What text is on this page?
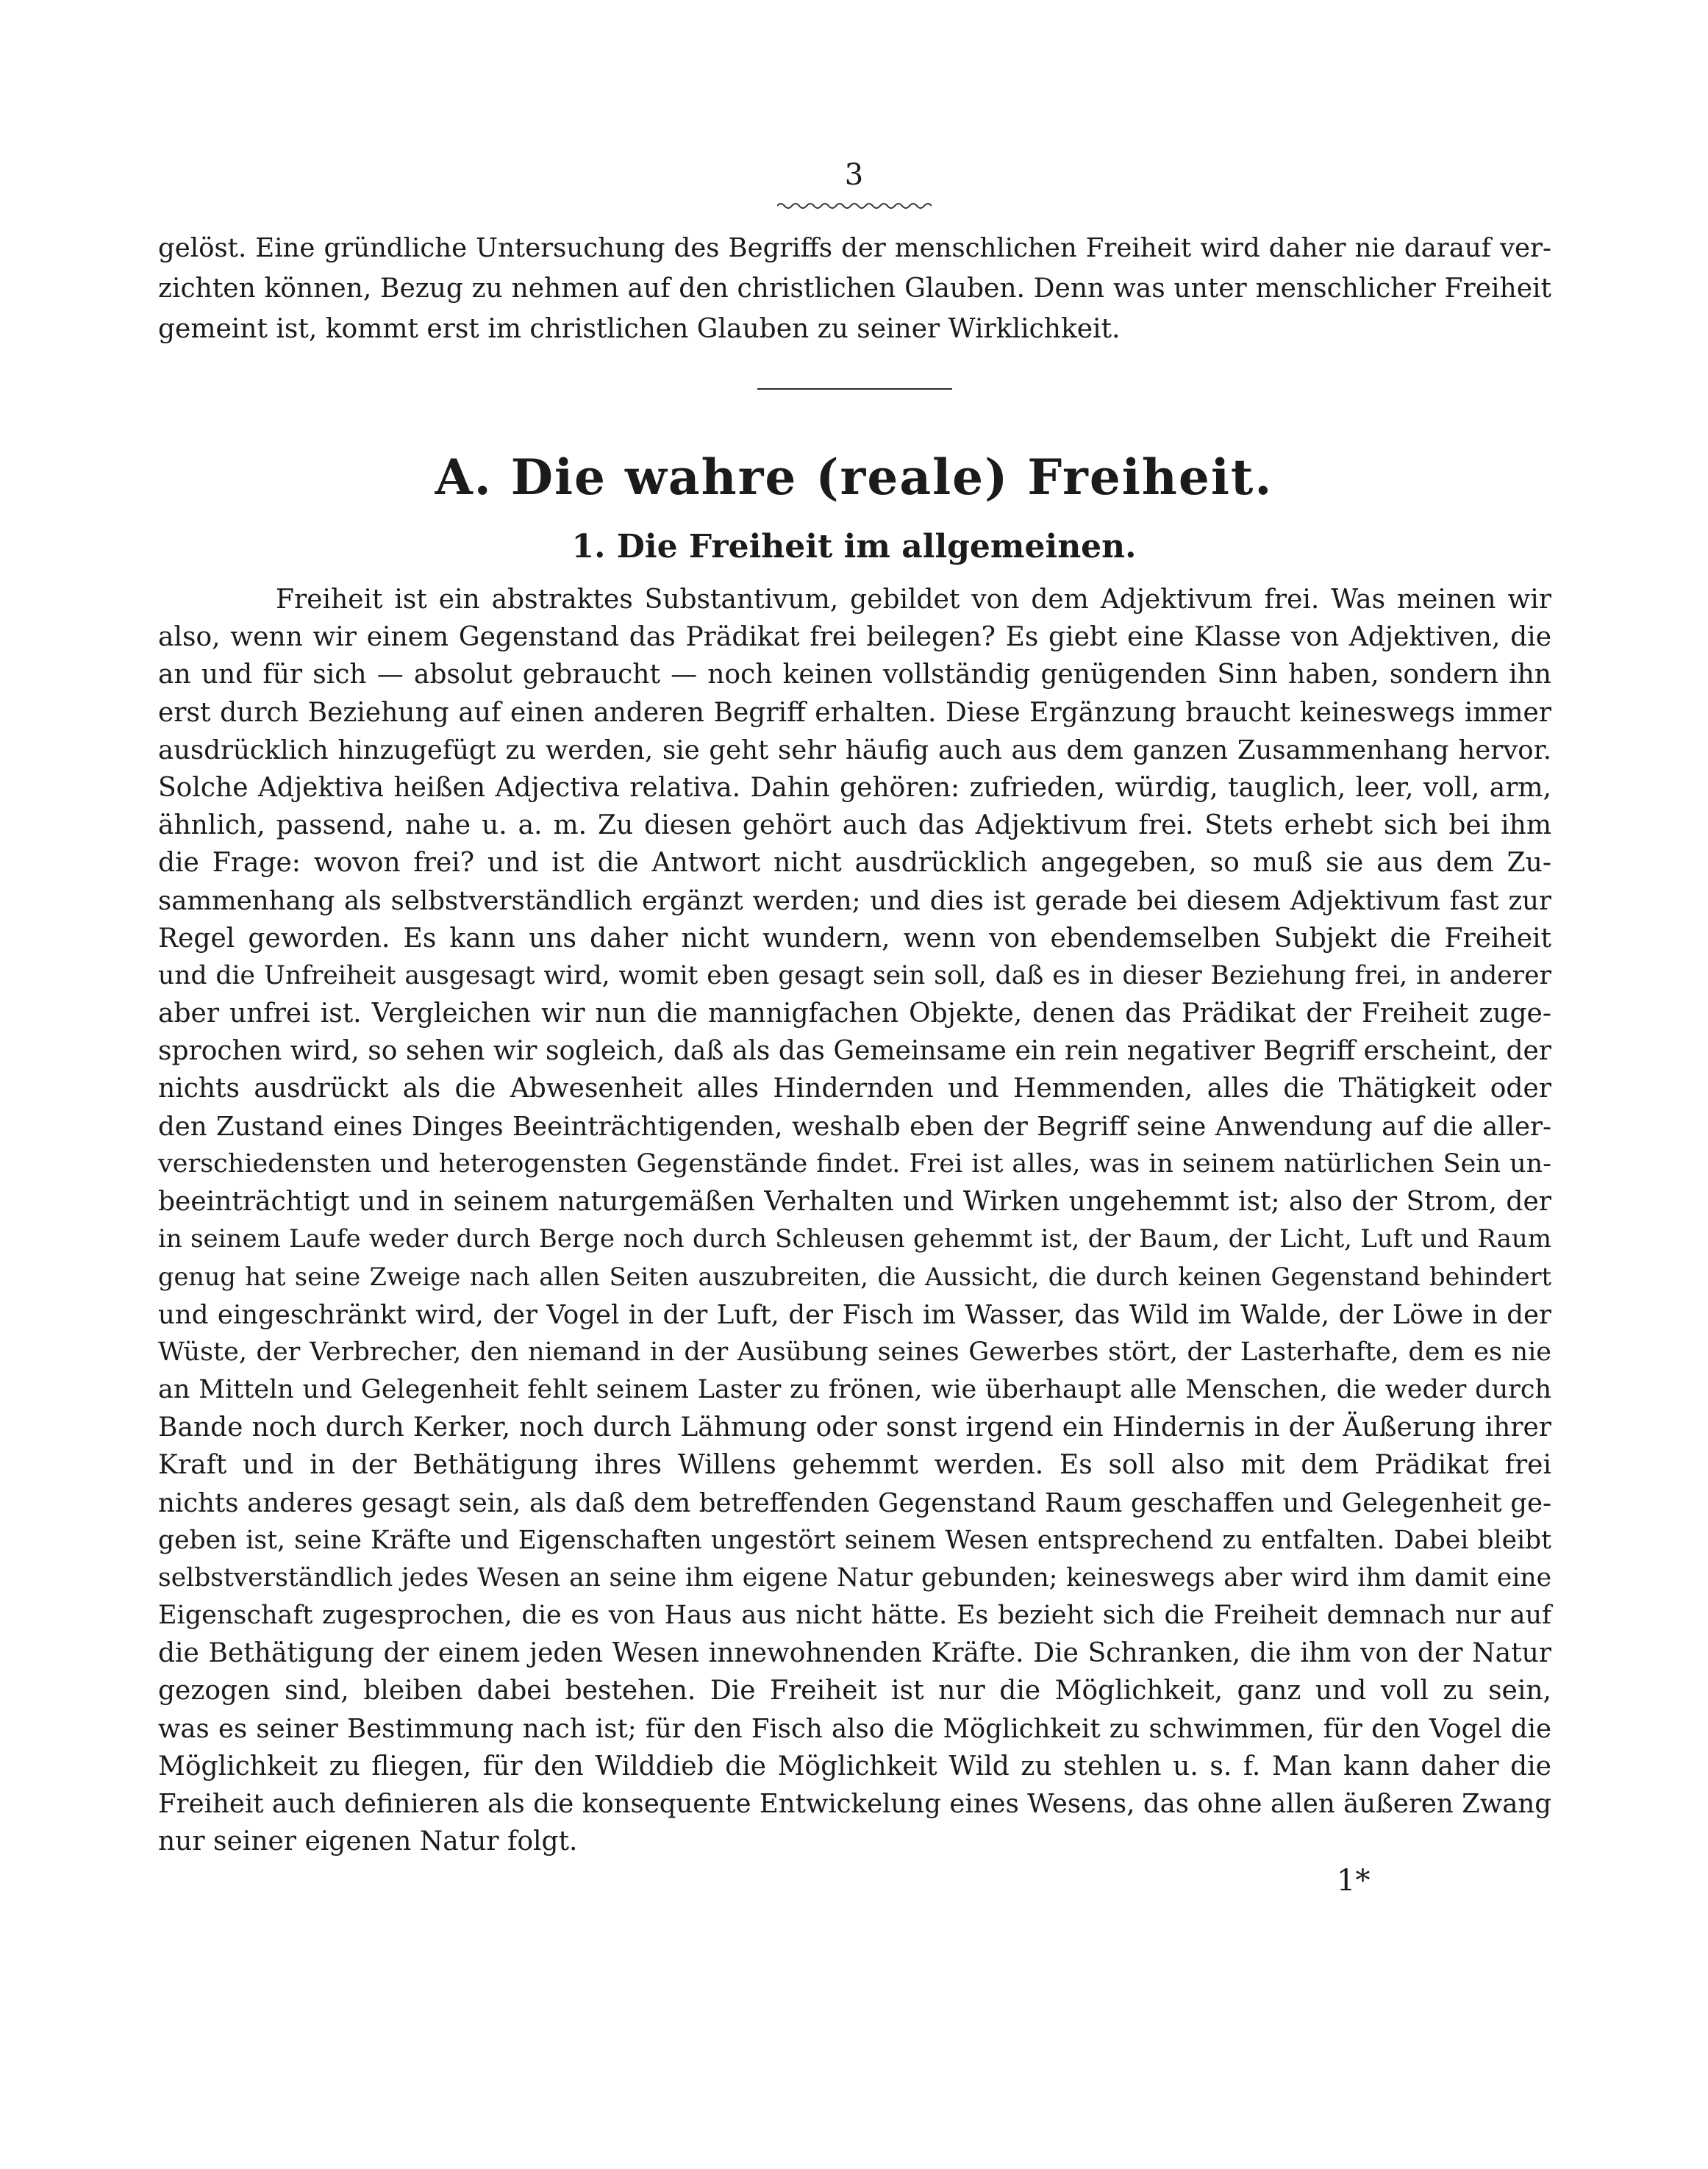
3
gelöst. Eine gründliche Untersuchung des Begriffs der menschlichen Freiheit wird daher nie darauf ver-
zichten können, Bezug zu nehmen auf den christlichen Glauben. Denn was unter menschlicher Freiheit
gemeint ist, kommt erst im christlichen Glauben zu seiner Wirklichkeit.
A. Die wahre (reale) Freiheit.
1. Die Freiheit im allgemeinen.
Freiheit ist ein abstraktes Substantivum, gebildet von dem Adjektivum frei. Was meinen wir
also, wenn wir einem Gegenstand das Prädikat frei beilegen? Es giebt eine Klasse von Adjektiven, die
an und für sich — absolut gebraucht — noch keinen vollständig genügenden Sinn haben, sondern ihn
erst durch Beziehung auf einen anderen Begriff erhalten. Diese Ergänzung braucht keineswegs immer
ausdrücklich hinzugefügt zu werden, sie geht sehr häufig auch aus dem ganzen Zusammenhang hervor.
Solche Adjektiva heißen Adjectiva relativa. Dahin gehören: zufrieden, würdig, tauglich, leer, voll, arm,
ähnlich, passend, nahe u. a. m. Zu diesen gehört auch das Adjektivum frei. Stets erhebt sich bei ihm
die Frage: wovon frei? und ist die Antwort nicht ausdrücklich angegeben, so muß sie aus dem Zu-
sammenhang als selbstverständlich ergänzt werden; und dies ist gerade bei diesem Adjektivum fast zur
Regel geworden. Es kann uns daher nicht wundern, wenn von ebendemselben Subjekt die Freiheit
und die Unfreiheit ausgesagt wird, womit eben gesagt sein soll, daß es in dieser Beziehung frei, in anderer
aber unfrei ist. Vergleichen wir nun die mannigfachen Objekte, denen das Prädikat der Freiheit zuge-
sprochen wird, so sehen wir sogleich, daß als das Gemeinsame ein rein negativer Begriff erscheint, der
nichts ausdrückt als die Abwesenheit alles Hindernden und Hemmenden, alles die Thätigkeit oder
den Zustand eines Dinges Beeinträchtigenden, weshalb eben der Begriff seine Anwendung auf die aller-
verschiedensten und heterogensten Gegenstände findet. Frei ist alles, was in seinem natürlichen Sein un-
beeinträchtigt und in seinem naturgemäßen Verhalten und Wirken ungehemmt ist; also der Strom, der
in seinem Laufe weder durch Berge noch durch Schleusen gehemmt ist, der Baum, der Licht, Luft und Raum
genug hat seine Zweige nach allen Seiten auszubreiten, die Aussicht, die durch keinen Gegenstand behindert
und eingeschränkt wird, der Vogel in der Luft, der Fisch im Wasser, das Wild im Walde, der Löwe in der
Wüste, der Verbrecher, den niemand in der Ausübung seines Gewerbes stört, der Lasterhafte, dem es nie
an Mitteln und Gelegenheit fehlt seinem Laster zu frönen, wie überhaupt alle Menschen, die weder durch
Bande noch durch Kerker, noch durch Lähmung oder sonst irgend ein Hindernis in der Äußerung ihrer
Kraft und in der Bethätigung ihres Willens gehemmt werden. Es soll also mit dem Prädikat frei
nichts anderes gesagt sein, als daß dem betreffenden Gegenstand Raum geschaffen und Gelegenheit ge-
geben ist, seine Kräfte und Eigenschaften ungestört seinem Wesen entsprechend zu entfalten. Dabei bleibt
selbstverständlich jedes Wesen an seine ihm eigene Natur gebunden; keineswegs aber wird ihm damit eine
Eigenschaft zugesprochen, die es von Haus aus nicht hätte. Es bezieht sich die Freiheit demnach nur auf
die Bethätigung der einem jeden Wesen innewohnenden Kräfte. Die Schranken, die ihm von der Natur
gezogen sind, bleiben dabei bestehen. Die Freiheit ist nur die Möglichkeit, ganz und voll zu sein,
was es seiner Bestimmung nach ist; für den Fisch also die Möglichkeit zu schwimmen, für den Vogel die
Möglichkeit zu fliegen, für den Wilddieb die Möglichkeit Wild zu stehlen u. s. f. Man kann daher die
Freiheit auch definieren als die konsequente Entwickelung eines Wesens, das ohne allen äußeren Zwang
nur seiner eigenen Natur folgt.
1*
